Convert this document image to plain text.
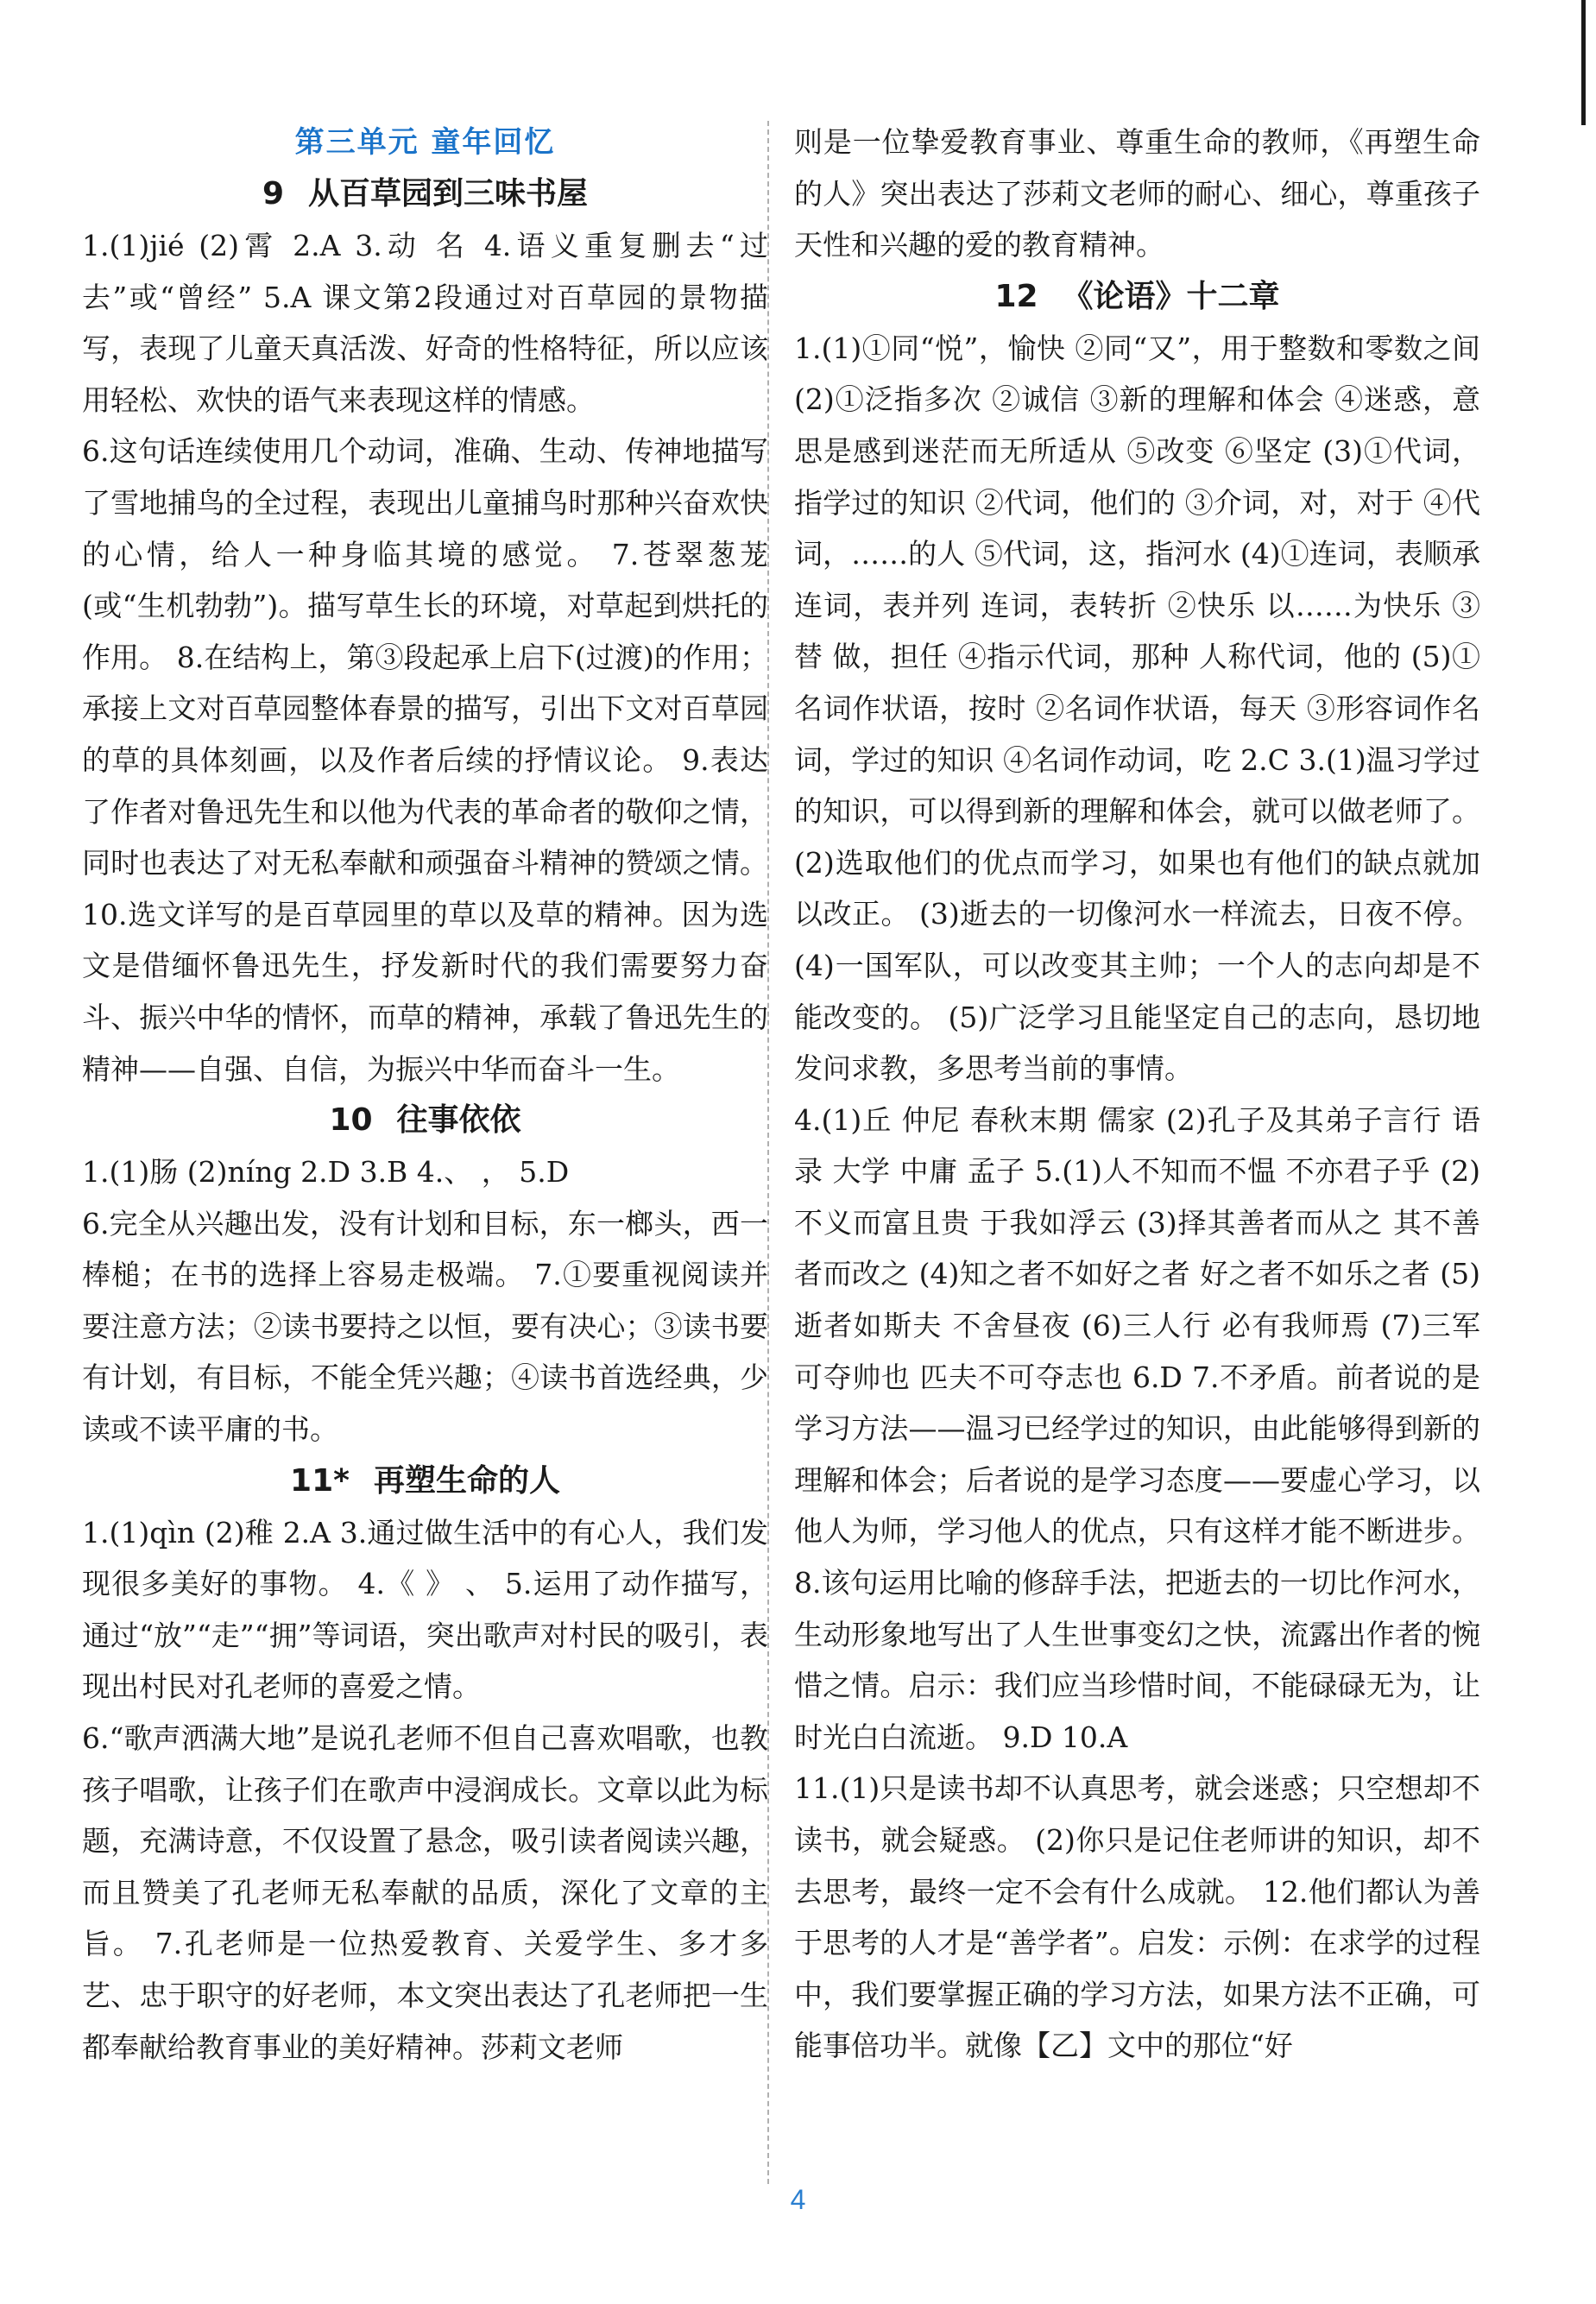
第三单元 童年回忆
9 从百草园到三味书屋

1.(1)jié (2)霄 2.A 3.动 名 4.语义重复删去“过去”或“曾经” 5.A 课文第2段通过对百草园的景物描写，表现了儿童天真活泼、好奇的性格特征，所以应该用轻松、欢快的语气来表现这样的情感。

6.这句话连续使用几个动词，准确、生动、传神地描写了雪地捕鸟的全过程，表现出儿童捕鸟时那种兴奋欢快的心情，给人一种身临其境的感觉。 7.苍翠葱茏(或“生机勃勃”)。描写草生长的环境，对草起到烘托的作用。 8.在结构上，第③段起承上启下(过渡)的作用；承接上文对百草园整体春景的描写，引出下文对百草园的草的具体刻画，以及作者后续的抒情议论。 9.表达了作者对鲁迅先生和以他为代表的革命者的敬仰之情，同时也表达了对无私奉献和顽强奋斗精神的赞颂之情。 10.选文详写的是百草园里的草以及草的精神。因为选文是借缅怀鲁迅先生，抒发新时代的我们需要努力奋斗、振兴中华的情怀，而草的精神，承载了鲁迅先生的精神——自强、自信，为振兴中华而奋斗一生。

10 往事依依

1.(1)肠 (2)níng 2.D 3.B 4.、 ， 5.D

6.完全从兴趣出发，没有计划和目标，东一榔头，西一棒槌；在书的选择上容易走极端。 7.①要重视阅读并要注意方法；②读书要持之以恒，要有决心；③读书要有计划，有目标，不能全凭兴趣；④读书首选经典，少读或不读平庸的书。

11* 再塑生命的人

1.(1)qìn (2)稚 2.A 3.通过做生活中的有心人，我们发现很多美好的事物。 4.《 》 、 5.运用了动作描写，通过“放”“走”“拥”等词语，突出歌声对村民的吸引，表现出村民对孔老师的喜爱之情。

6.“歌声洒满大地”是说孔老师不但自己喜欢唱歌，也教孩子唱歌，让孩子们在歌声中浸润成长。文章以此为标题，充满诗意，不仅设置了悬念，吸引读者阅读兴趣，而且赞美了孔老师无私奉献的品质，深化了文章的主旨。 7.孔老师是一位热爱教育、关爱学生、多才多艺、忠于职守的好老师，本文突出表达了孔老师把一生都奉献给教育事业的美好精神。莎莉文老师

则是一位挚爱教育事业、尊重生命的教师，《再塑生命的人》突出表达了莎莉文老师的耐心、细心，尊重孩子天性和兴趣的爱的教育精神。

12 《论语》十二章

1.(1)①同“悦”，愉快 ②同“又”，用于整数和零数之间 (2)①泛指多次 ②诚信 ③新的理解和体会 ④迷惑，意思是感到迷茫而无所适从 ⑤改变 ⑥坚定 (3)①代词，指学过的知识 ②代词，他们的 ③介词，对，对于 ④代词，……的人 ⑤代词，这，指河水 (4)①连词，表顺承 连词，表并列 连词，表转折 ②快乐 以……为快乐 ③替 做，担任 ④指示代词，那种 人称代词，他的 (5)①名词作状语，按时 ②名词作状语，每天 ③形容词作名词，学过的知识 ④名词作动词，吃 2.C 3.(1)温习学过的知识，可以得到新的理解和体会，就可以做老师了。(2)选取他们的优点而学习，如果也有他们的缺点就加以改正。 (3)逝去的一切像河水一样流去，日夜不停。 (4)一国军队，可以改变其主帅；一个人的志向却是不能改变的。 (5)广泛学习且能坚定自己的志向，恳切地发问求教，多思考当前的事情。

4.(1)丘 仲尼 春秋末期 儒家 (2)孔子及其弟子言行 语录 大学 中庸 孟子 5.(1)人不知而不愠 不亦君子乎 (2)不义而富且贵 于我如浮云 (3)择其善者而从之 其不善者而改之 (4)知之者不如好之者 好之者不如乐之者 (5)逝者如斯夫 不舍昼夜 (6)三人行 必有我师焉 (7)三军可夺帅也 匹夫不可夺志也 6.D 7.不矛盾。前者说的是学习方法——温习已经学过的知识，由此能够得到新的理解和体会；后者说的是学习态度——要虚心学习，以他人为师，学习他人的优点，只有这样才能不断进步。 8.该句运用比喻的修辞手法，把逝去的一切比作河水，生动形象地写出了人生世事变幻之快，流露出作者的惋惜之情。启示：我们应当珍惜时间，不能碌碌无为，让时光白白流逝。 9.D 10.A

11.(1)只是读书却不认真思考，就会迷惑；只空想却不读书，就会疑惑。 (2)你只是记住老师讲的知识，却不去思考，最终一定不会有什么成就。 12.他们都认为善于思考的人才是“善学者”。启发：示例：在求学的过程中，我们要掌握正确的学习方法，如果方法不正确，可能事倍功半。就像【乙】文中的那位“好

4
